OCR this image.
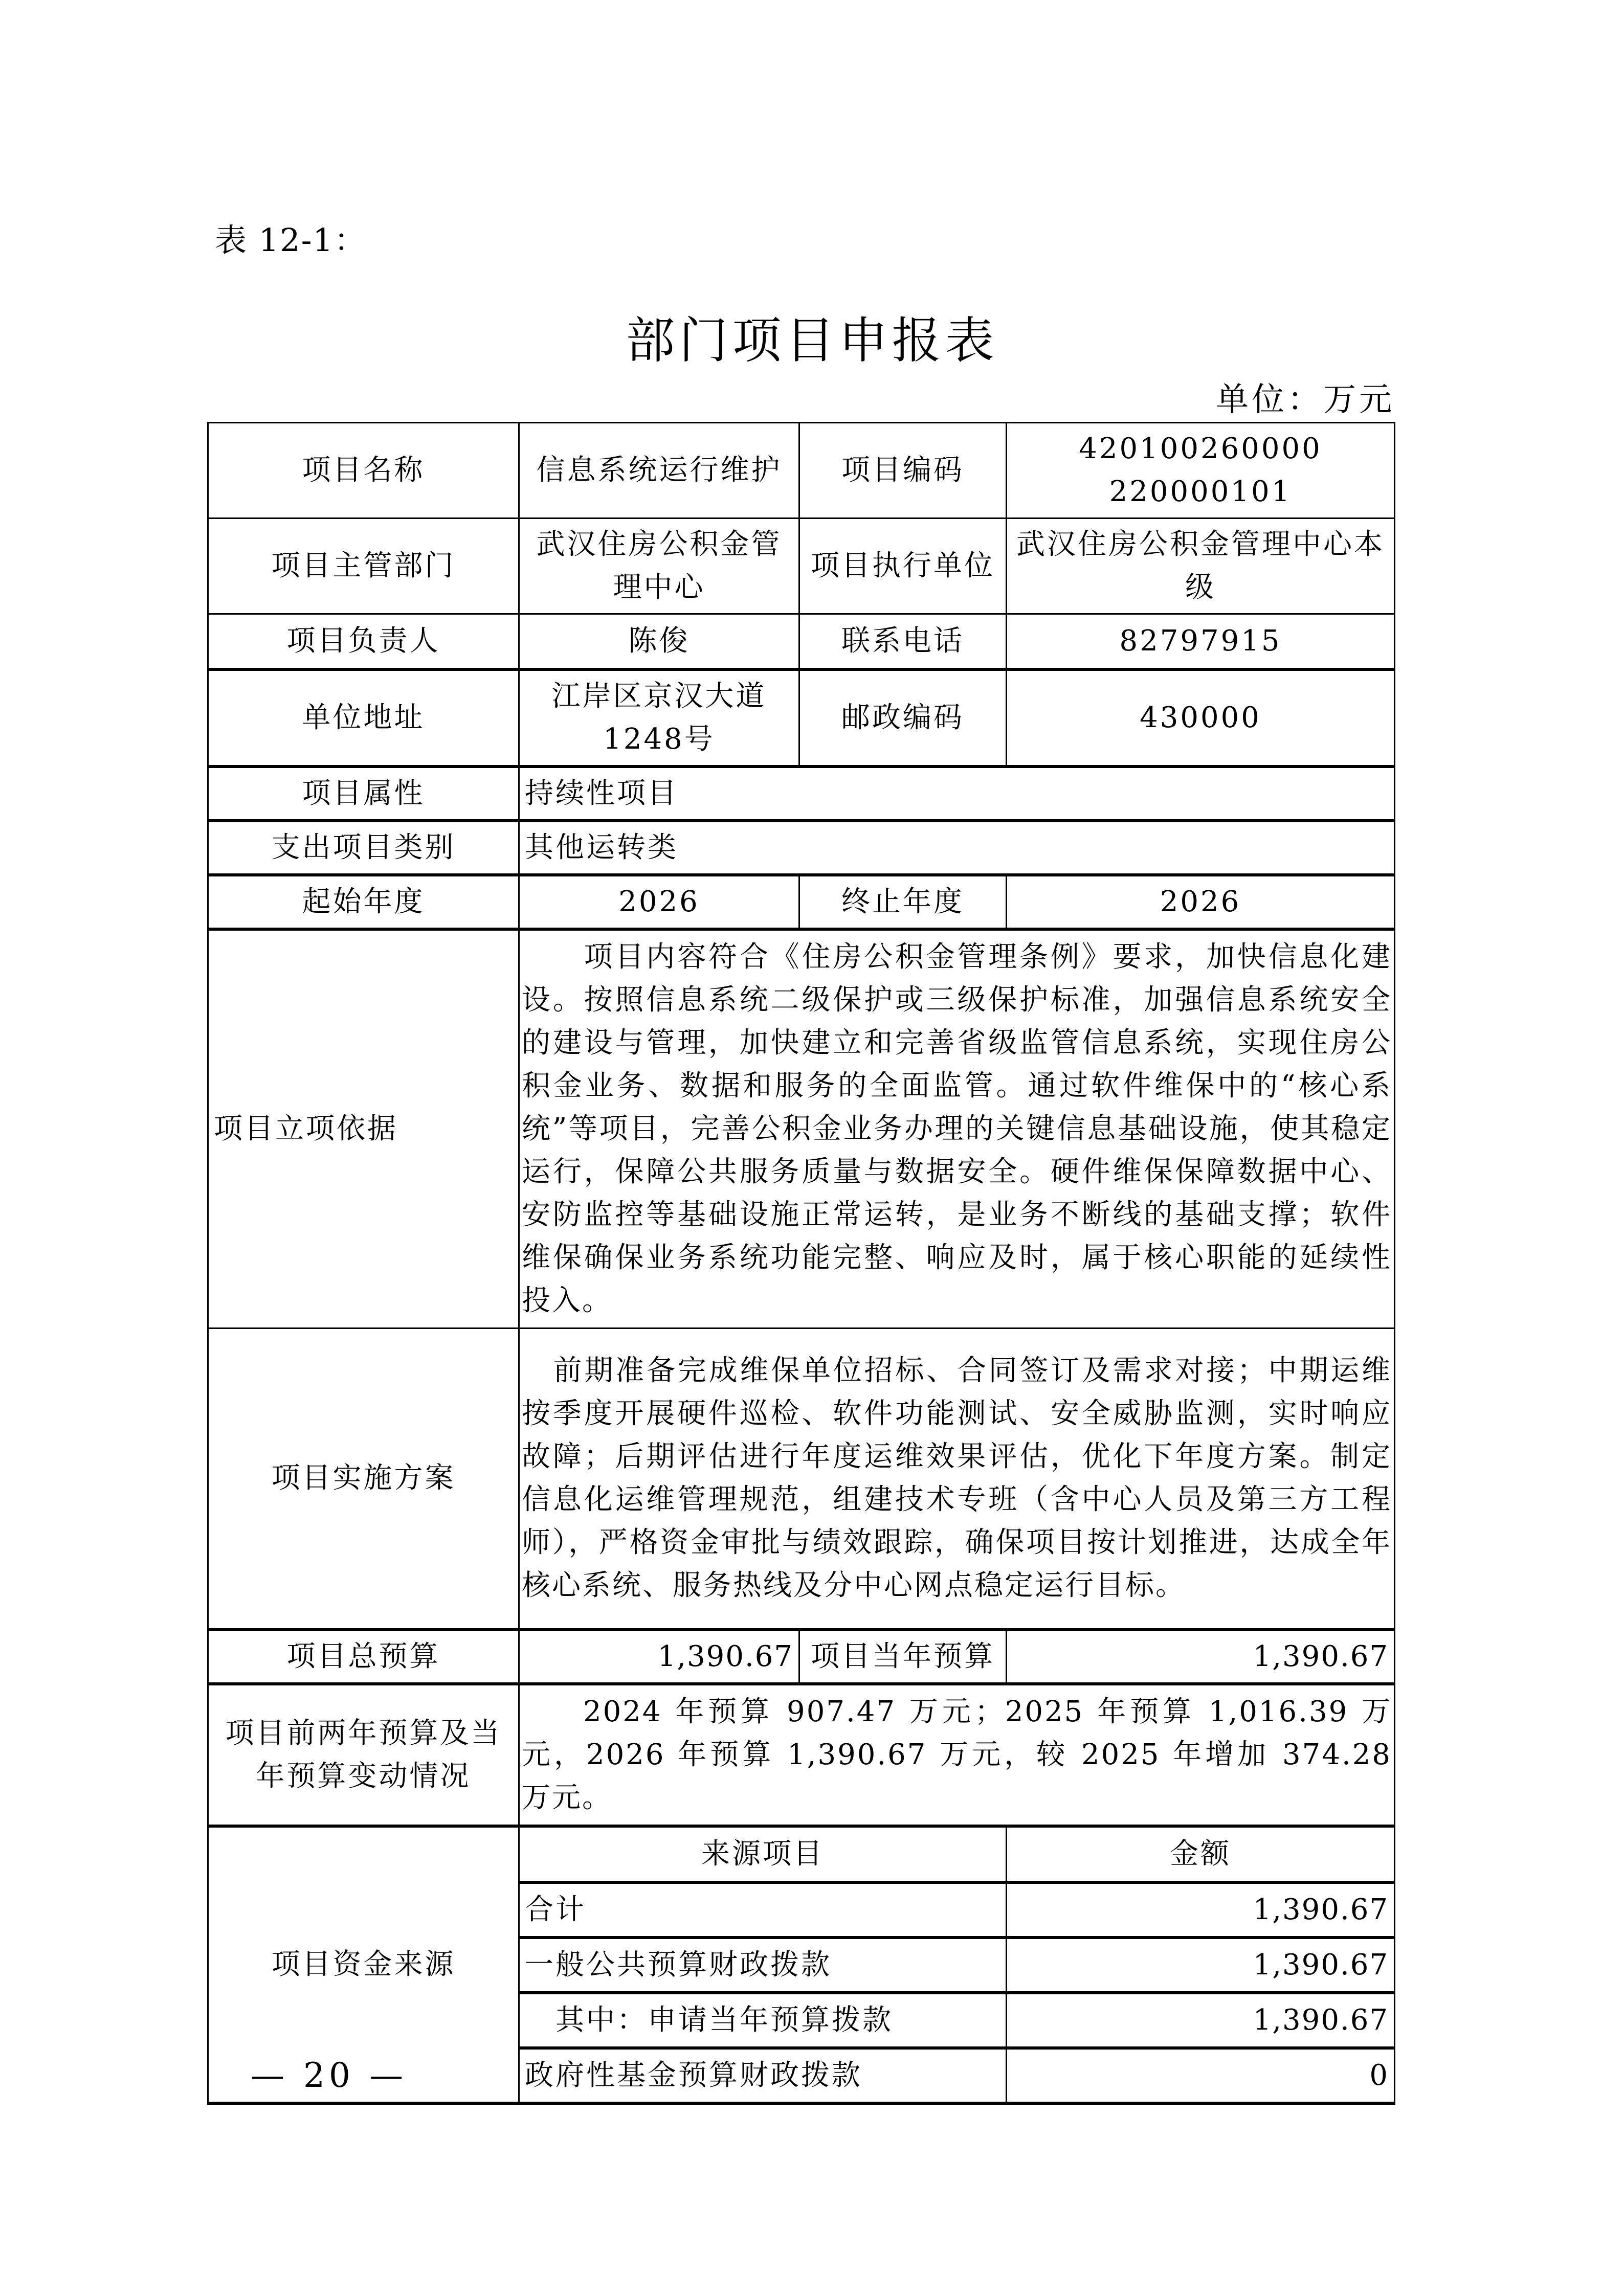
表 12-1：
部门项目申报表
单位：万元
项目名称	信息系统运行维护	项目编码	420100260000
220000101

项目主管部门	武汉住房公积金管理中心	项目执行单位	武汉住房公积金管理中心本级
项目负责人	陈俊	联系电话	82797915
单位地址	江岸区京汉大道1248号	邮政编码	430000
项目属性	持续性项目		
支出项目类别	其他运转类		
起始年度	2026	终止年度	2026
项目立项依据	项目内容符合《住房公积金管理条例》要求，加快信息化建设。按照信息系统二级保护或三级保护标准，加强信息系统安全的建设与管理，加快建立和完善省级监管信息系统，实现住房公积金业务、数据和服务的全面监管。通过软件维保中的“核心系统”等项目，完善公积金业务办理的关键信息基础设施，使其稳定运行，保障公共服务质量与数据安全。硬件维保保障数据中心、安防监控等基础设施正常运转，是业务不断线的基础支撑；软件维保确保业务系统功能完整、响应及时，属于核心职能的延续性投入。		
项目实施方案	前期准备完成维保单位招标、合同签订及需求对接；中期运维按季度开展硬件巡检、软件功能测试、安全威胁监测，实时响应故障；后期评估进行年度运维效果评估，优化下年度方案。制定信息化运维管理规范，组建技术专班（含中心人员及第三方工程师），严格资金审批与绩效跟踪，确保项目按计划推进，达成全年核心系统、服务热线及分中心网点稳定运行目标。		
项目总预算	1,390.67	项目当年预算	1,390.67
项目前两年预算及当年预算变动情况	2024 年预算 907.47 万元；2025 年预算 1,016.39 万元，2026 年预算 1,390.67 万元，较 2025 年增加 374.28 万元。		
项目资金来源	来源项目		金额
	合计		1,390.67
	一般公共预算财政拨款		1,390.67
	其中：申请当年预算拨款		1,390.67
	政府性基金预算财政拨款		0
— 20 —
